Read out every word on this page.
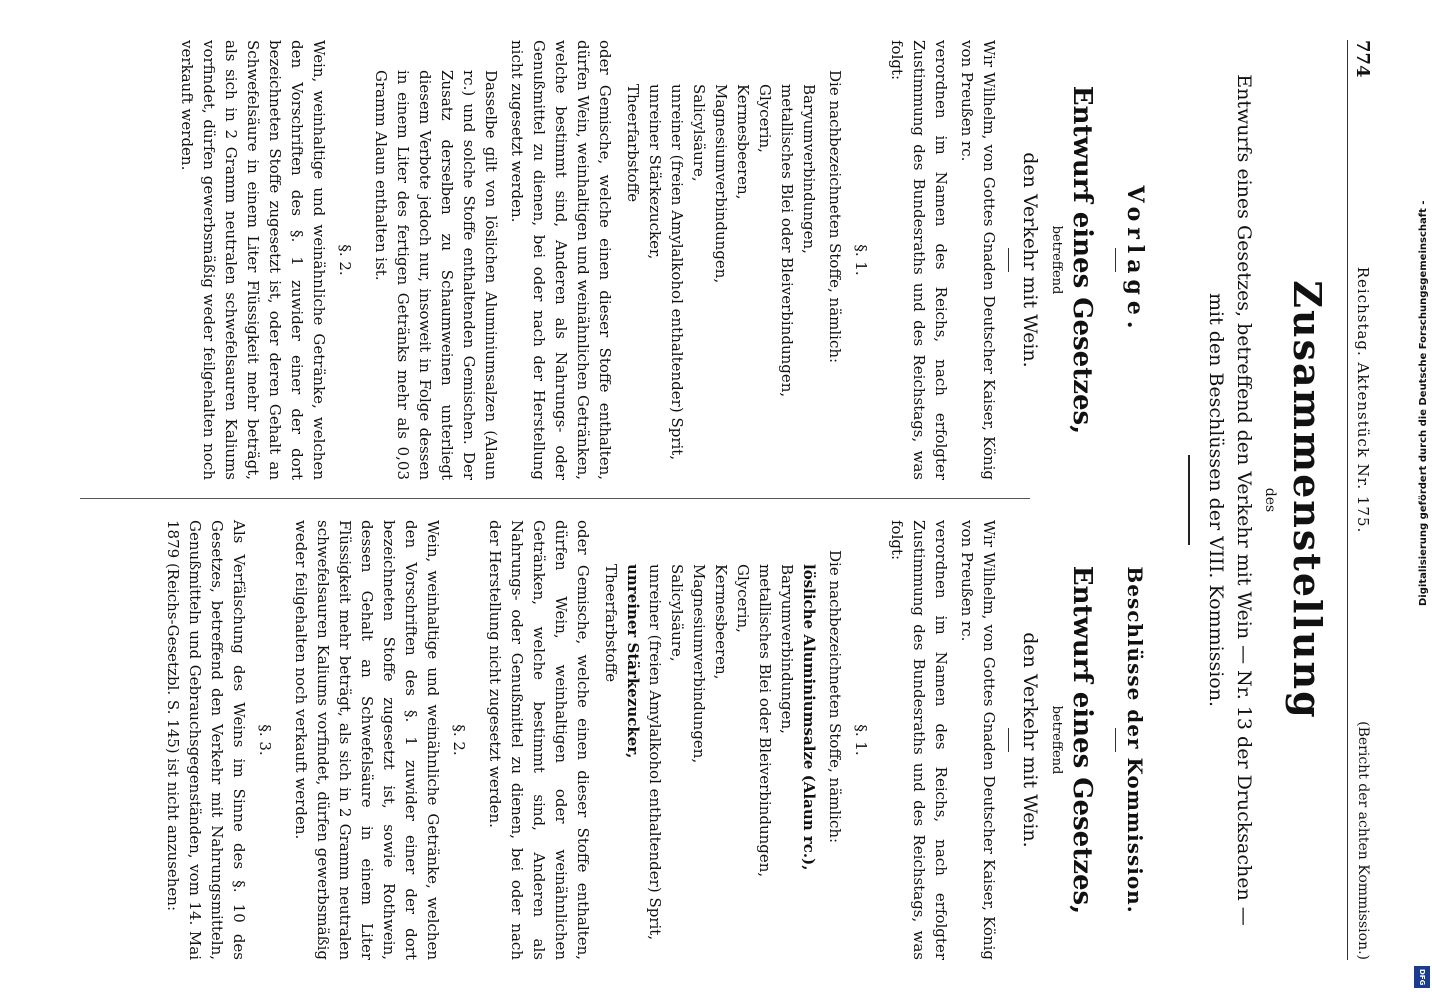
774
Reichstag. Aktenstück Nr. 175.
(Bericht der achten Kommission.)
Zusammenstellung
des
Entwurfs eines Gesetzes, betreffend den Verkehr mit Wein — Nr. 13 der Drucksachen — mit den Beschlüssen der VIII. Kommission.
Vorlage.
Entwurf eines Gesetzes,

betreffend

den Verkehr mit Wein.

Wir Wilhelm, von Gottes Gnaden Deutscher Kaiser, König von Preußen rc.

verordnen im Namen des Reichs, nach erfolgter Zustimmung des Bundesraths und des Reichstags, was folgt:

§. 1.

Die nachbezeichneten Stoffe, nämlich:

Baryumverbindungen,
metallisches Blei oder Bleiverbindungen,
Glycerin,
Kermesbeeren,
Magnesiumverbindungen,
Salicylsäure,
unreiner (freien Amylalkohol enthaltender) Sprit,
unreiner Stärkezucker,
Theerfarbstoffe

oder Gemische, welche einen dieser Stoffe enthalten, dürfen Wein, weinhaltigen und weinähnlichen Getränken, welche bestimmt sind, Anderen als Nahrungs- oder Genußmittel zu dienen, bei oder nach der Herstellung nicht zugesetzt werden.

Dasselbe gilt von löslichen Aluminiumsalzen (Alaun rc.) und solche Stoffe enthaltenden Gemischen. Der Zusatz derselben zu Schaumweinen unterliegt diesem Verbote jedoch nur, insoweit in Folge dessen in einem Liter des fertigen Getränks mehr als 0,03 Gramm Alaun enthalten ist.

§. 2.

Wein, weinhaltige und weinähnliche Getränke, welchen den Vorschriften des §. 1 zuwider einer der dort bezeichneten Stoffe zugesetzt ist, oder deren Gehalt an Schwefelsäure in einem Liter Flüssigkeit mehr beträgt, als sich in 2 Gramm neutralen schwefelsauren Kaliums vorfindet, dürfen gewerbsmäßig weder feilgehalten noch verkauft werden.

Beschlüsse der Kommission.
Entwurf eines Gesetzes,

betreffend

den Verkehr mit Wein.

Wir Wilhelm, von Gottes Gnaden Deutscher Kaiser, König von Preußen rc.

verordnen im Namen des Reichs, nach erfolgter Zustimmung des Bundesraths und des Reichstags, was folgt:

§. 1.

Die nachbezeichneten Stoffe, nämlich:

lösliche Aluminiumsalze (Alaun rc.),
Baryumverbindungen,
metallisches Blei oder Bleiverbindungen,
Glycerin,
Kermesbeeren,
Magnesiumverbindungen,
Salicylsäure,
unreiner (freien Amylalkohol enthaltender) Sprit,
unreiner Stärkezucker,
Theerfarbstoffe

oder Gemische, welche einen dieser Stoffe enthalten, dürfen Wein, weinhaltigen oder weinähnlichen Getränken, welche bestimmt sind, Anderen als Nahrungs- oder Genußmittel zu dienen, bei oder nach der Herstellung nicht zugesetzt werden.

§. 2.

Wein, weinhaltige und weinähnliche Getränke, welchen den Vorschriften des §. 1 zuwider einer der dort bezeichneten Stoffe zugesetzt ist, sowie Rothwein, dessen Gehalt an Schwefelsäure in einem Liter Flüssigkeit mehr beträgt, als sich in 2 Gramm neutralen schwefelsauren Kaliums vorfindet, dürfen gewerbsmäßig weder feilgehalten noch verkauft werden.

§. 3.

Als Verfälschung des Weins im Sinne des §. 10 des Gesetzes, betreffend den Verkehr mit Nahrungsmitteln, Genußmitteln und Gebrauchsgegenständen, vom 14. Mai 1879 (Reichs-Gesetzbl. S. 145) ist nicht anzusehen:

Digitalisierung gefördert durch die Deutsche Forschungsgemeinschaft -
DFG
